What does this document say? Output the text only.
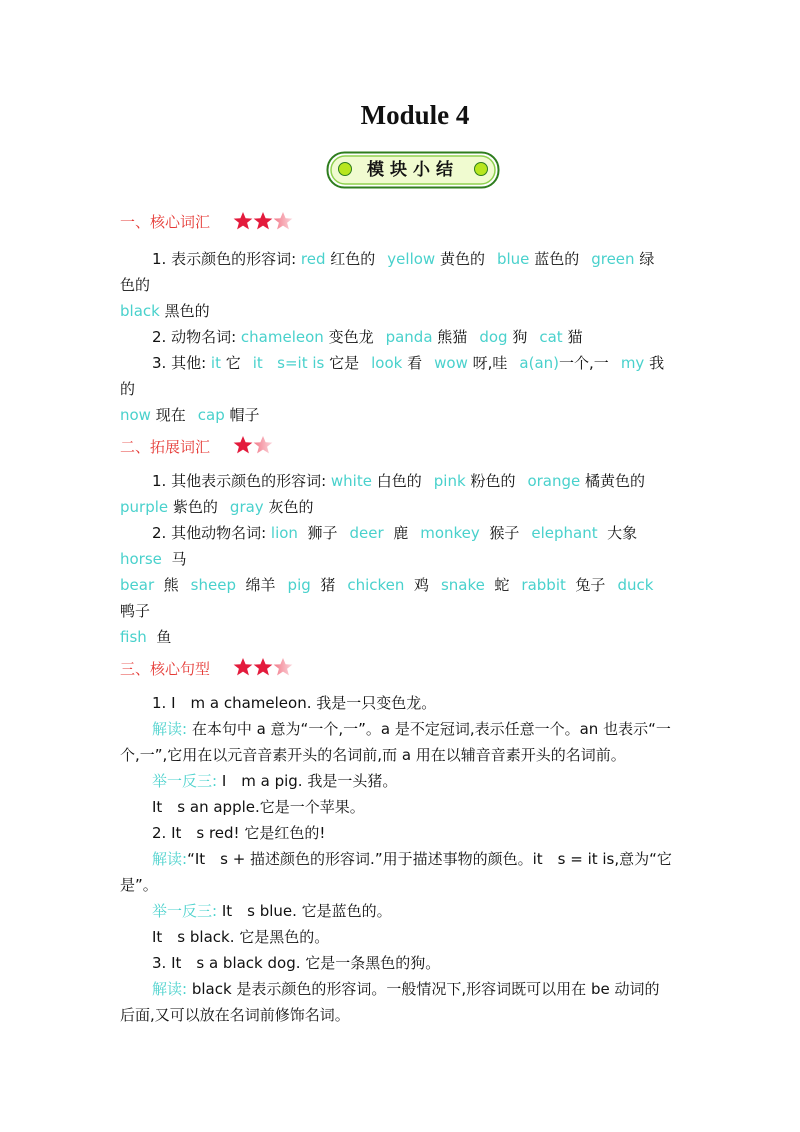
Module 4
模块小结
一、核心词汇
1. 表示颜色的形容词: red 红色的 yellow 黄色的 blue 蓝色的 green 绿
色的
black 黑色的
2. 动物名词: chameleon 变色龙 panda 熊猫 dog 狗 cat 猫
3. 其他: it 它 it s=it is 它是 look 看 wow 呀,哇 a(an)一个,一 my 我
的
now 现在 cap 帽子
二、拓展词汇
1. 其他表示颜色的形容词: white 白色的 pink 粉色的 orange 橘黄色的
purple 紫色的 gray 灰色的
2. 其他动物名词: lion 狮子 deer 鹿 monkey 猴子 elephant 大象
horse 马
bear 熊 sheep 绵羊 pig 猪 chicken 鸡 snake 蛇 rabbit 兔子 duck
鸭子
fish 鱼
三、核心句型
1. I　m a chameleon. 我是一只变色龙。
解读: 在本句中 a 意为“一个,一”。a 是不定冠词,表示任意一个。an 也表示“一
个,一”,它用在以元音音素开头的名词前,而 a 用在以辅音音素开头的名词前。
举一反三: I　m a pig. 我是一头猪。
It　s an apple.它是一个苹果。
2. It　s red! 它是红色的!
解读:“It　s + 描述颜色的形容词.”用于描述事物的颜色。it　s = it is,意为“它
是”。
举一反三: It　s blue. 它是蓝色的。
It　s black. 它是黑色的。
3. It　s a black dog. 它是一条黑色的狗。
解读: black 是表示颜色的形容词。一般情况下,形容词既可以用在 be 动词的
后面,又可以放在名词前修饰名词。
